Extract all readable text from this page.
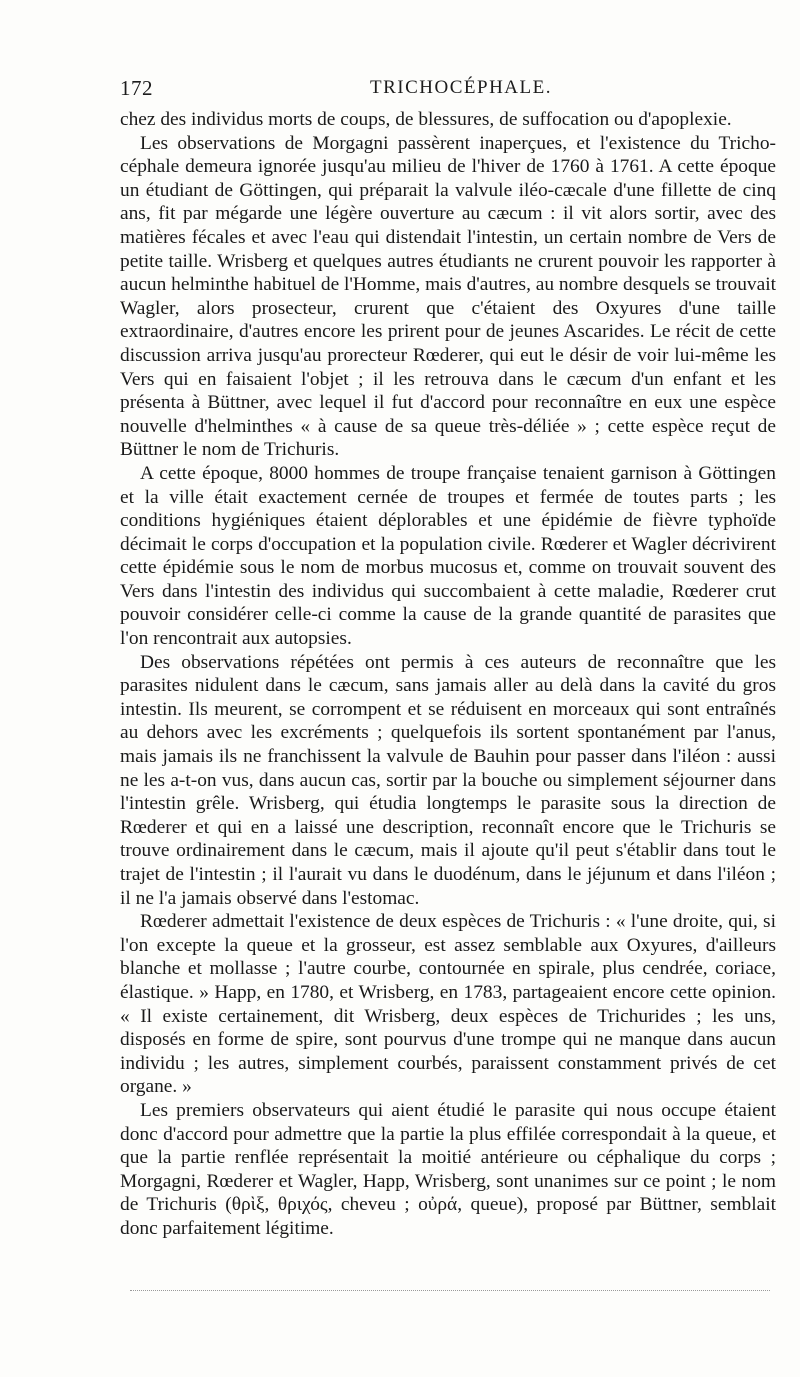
172	TRICHOCÉPHALE.

chez des individus morts de coups, de blessures, de suffocation ou d'apoplexie.

Les observations de Morgagni passèrent inaperçues, et l'existence du Trichocéphale demeura ignorée jusqu'au milieu de l'hiver de 1760 à 1761. A cette époque un étudiant de Göttingen, qui préparait la valvule iléo-cæcale d'une fillette de cinq ans, fit par mégarde une légère ouverture au cæcum : il vit alors sortir, avec des matières fécales et avec l'eau qui distendait l'intestin, un certain nombre de Vers de petite taille. Wrisberg et quelques autres étudiants ne crurent pouvoir les rapporter à aucun helminthe habituel de l'Homme, mais d'autres, au nombre desquels se trouvait Wagler, alors prosecteur, crurent que c'étaient des Oxyures d'une taille extraordinaire, d'autres encore les prirent pour de jeunes Ascarides. Le récit de cette discussion arriva jusqu'au prorecteur Rœderer, qui eut le désir de voir lui-même les Vers qui en faisaient l'objet ; il les retrouva dans le cæcum d'un enfant et les présenta à Büttner, avec lequel il fut d'accord pour reconnaître en eux une espèce nouvelle d'helminthes « à cause de sa queue très-déliée » ; cette espèce reçut de Büttner le nom de Trichuris.

A cette époque, 8000 hommes de troupe française tenaient garnison à Göttingen et la ville était exactement cernée de troupes et fermée de toutes parts ; les conditions hygiéniques étaient déplorables et une épidémie de fièvre typhoïde décimait le corps d'occupation et la population civile. Rœderer et Wagler décrivirent cette épidémie sous le nom de morbus mucosus et, comme on trouvait souvent des Vers dans l'intestin des individus qui succombaient à cette maladie, Rœderer crut pouvoir considérer celle-ci comme la cause de la grande quantité de parasites que l'on rencontrait aux autopsies.

Des observations répétées ont permis à ces auteurs de reconnaître que les parasites nidulent dans le cæcum, sans jamais aller au delà dans la cavité du gros intestin. Ils meurent, se corrompent et se réduisent en morceaux qui sont entraînés au dehors avec les excréments ; quelquefois ils sortent spontanément par l'anus, mais jamais ils ne franchissent la valvule de Bauhin pour passer dans l'iléon : aussi ne les a-t-on vus, dans aucun cas, sortir par la bouche ou simplement séjourner dans l'intestin grêle. Wrisberg, qui étudia longtemps le parasite sous la direction de Rœderer et qui en a laissé une description, reconnaît encore que le Trichuris se trouve ordinairement dans le cæcum, mais il ajoute qu'il peut s'établir dans tout le trajet de l'intestin ; il l'aurait vu dans le duodénum, dans le jéjunum et dans l'iléon ; il ne l'a jamais observé dans l'estomac.

Rœderer admettait l'existence de deux espèces de Trichuris : « l'une droite, qui, si l'on excepte la queue et la grosseur, est assez semblable aux Oxyures, d'ailleurs blanche et mollasse ; l'autre courbe, contournée en spirale, plus cendrée, coriace, élastique. » Happ, en 1780, et Wrisberg, en 1783, partageaient encore cette opinion. « Il existe certainement, dit Wrisberg, deux espèces de Trichurides ; les uns, disposés en forme de spire, sont pourvus d'une trompe qui ne manque dans aucun individu ; les autres, simplement courbés, paraissent constamment privés de cet organe. »

Les premiers observateurs qui aient étudié le parasite qui nous occupe étaient donc d'accord pour admettre que la partie la plus effilée correspondait à la queue, et que la partie renflée représentait la moitié antérieure ou céphalique du corps ; Morgagni, Rœderer et Wagler, Happ, Wrisberg, sont unanimes sur ce point ; le nom de Trichuris (θρὶξ, θριχός, cheveu ; οὐρά, queue), proposé par Büttner, semblait donc parfaitement légitime.
